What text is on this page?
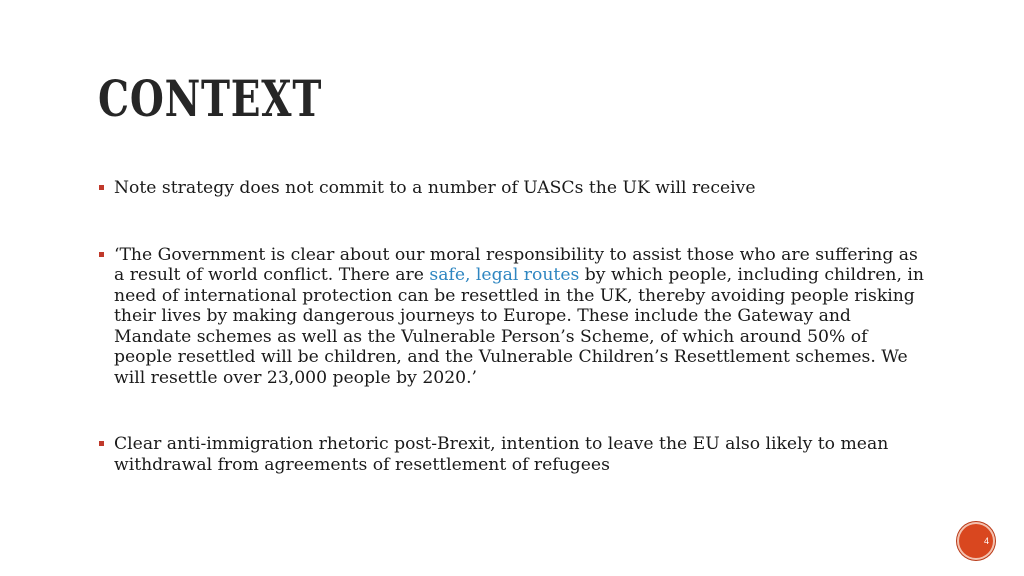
CONTEXT
Note strategy does not commit to a number of UASCs the UK will receive
‘The Government is clear about our moral responsibility to assist those who are suffering as a result of world conflict. There are safe, legal routes by which people, including children, in need of international protection can be resettled in the UK, thereby avoiding people risking their lives by making dangerous journeys to Europe. These include the Gateway and Mandate schemes as well as the Vulnerable Person’s Scheme, of which around 50% of people resettled will be children, and the Vulnerable Children’s Resettlement schemes. We will resettle over 23,000 people by 2020.’
Clear anti-immigration rhetoric post-Brexit, intention to leave the EU also likely to mean withdrawal from agreements of resettlement of refugees
4
